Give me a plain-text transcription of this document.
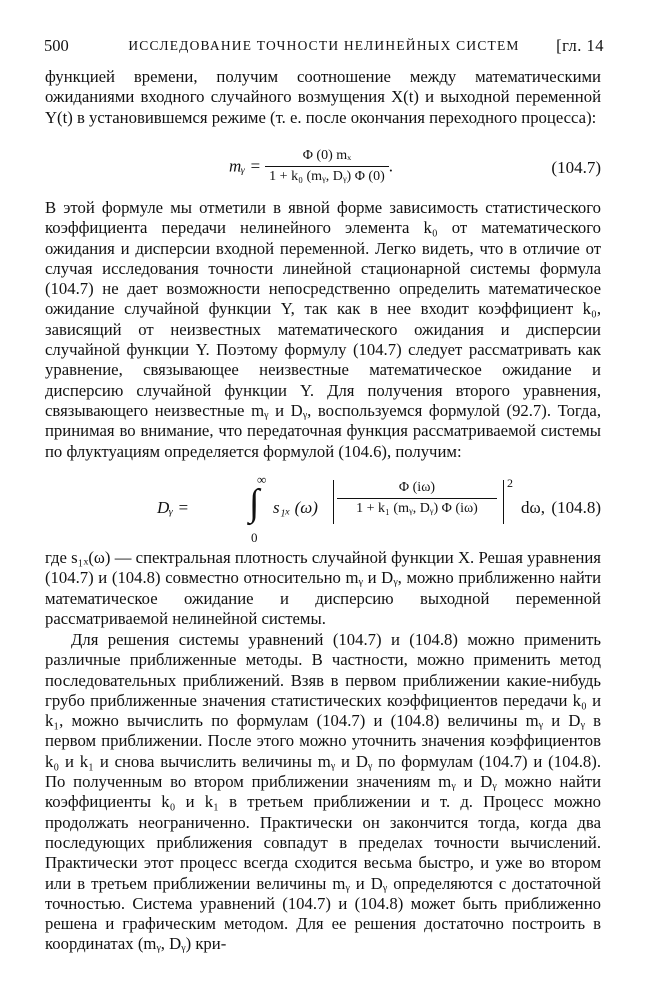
500	ИССЛЕДОВАНИЕ ТОЧНОСТИ НЕЛИНЕЙНЫХ СИСТЕМ	[гл. 14

функцией времени, получим соотношение между математическими ожиданиями входного случайного возмущения X(t) и выходной переменной Y(t) в установившемся режиме (т. е. после окончания переходного процесса):

mᵧ = $\frac{\text{Φ (0) mₓ}}{\text{1 + k₀ (mᵧ, Dᵧ) Φ (0)}}$ .	(104.7)

В этой формуле мы отметили в явной форме зависимость статистического коэффициента передачи нелинейного элемента k₀ от математического ожидания и дисперсии входной переменной. Легко видеть, что в отличие от случая исследования точности линейной стационарной системы формула (104.7) не дает возможности непосредственно определить математическое ожидание случайной функции Y, так как в нее входит коэффициент k₀, зависящий от неизвестных математического ожидания и дисперсии случайной функции Y. Поэтому формулу (104.7) следует рассматривать как уравнение, связывающее неизвестные математическое ожидание и дисперсию случайной функции Y. Для получения второго уравнения, связывающего неизвестные mᵧ и Dᵧ, воспользуемся формулой (92.7). Тогда, принимая во внимание, что передаточная функция рассматриваемой системы по флуктуациям определяется формулой (104.6), получим:

Dᵧ =
∞
∫
0
s₁ₓ $(\omega) \frac{\Phi (i\omega)}{\text{1 + k₁ (mᵧ, Dᵧ) Φ (iω)}} 2$
dω, (104.8)

где s₁ₓ(ω) — спектральная плотность случайной функции X. Решая уравнения (104.7) и (104.8) совместно относительно mᵧ и Dᵧ, можно приближенно найти математическое ожидание и дисперсию выходной переменной рассматриваемой нелинейной системы.

Для решения системы уравнений (104.7) и (104.8) можно применить различные приближенные методы. В частности, можно применить метод последовательных приближений. Взяв в первом приближении какие-нибудь грубо приближенные значения статистических коэффициентов передачи k₀ и k₁, можно вычислить по формулам (104.7) и (104.8) величины mᵧ и Dᵧ в первом приближении. После этого можно уточнить значения коэффициентов k₀ и k₁ и снова вычислить величины mᵧ и Dᵧ по формулам (104.7) и (104.8). По полученным во втором приближении значениям mᵧ и Dᵧ можно найти коэффициенты k₀ и k₁ в третьем приближении и т. д. Процесс можно продолжать неограниченно. Практически он закончится тогда, когда два последующих приближения совпадут в пределах точности вычислений. Практически этот процесс всегда сходится весьма быстро, и уже во втором или в третьем приближении величины mᵧ и Dᵧ определяются с достаточной точностью. Система уравнений (104.7) и (104.8) может быть приближенно решена и графическим методом. Для ее решения достаточно построить в координатах (mᵧ, Dᵧ) кри-
